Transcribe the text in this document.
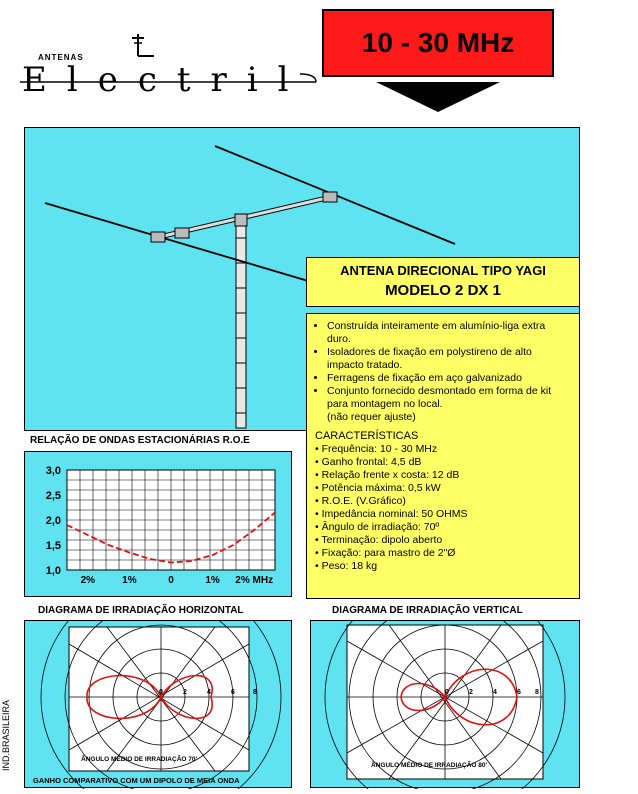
ANTENAS
Electril
10 - 30 MHz
ANTENA DIRECIONAL TIPO YAGI
MODELO 2 DX 1
• Construída inteiramente em alumínio-liga extra duro.
• Isoladores de fixação em polystireno de alto impacto tratado.
• Ferragens de fixação em aço galvanizado
• Conjunto fornecido desmontado em forma de kit para montagem no local.
(não requer ajuste)
CARACTERÍSTICAS
• Frequência: 10 - 30 MHz
• Ganho frontal: 4,5 dB
• Relação frente x costa: 12 dB
• Potência máxima: 0,5 kW
• R.O.E. (V.Gráfico)
• Impedância nominal: 50 OHMS
• Ângulo de irradiação: 70º
• Terminação: dipolo aberto
• Fixação: para mastro de 2"Ø
• Peso: 18 kg
RELAÇÃO DE ONDAS ESTACIONÁRIAS R.O.E
3,0
2,5
2,0
1,5
1,0
2%	1%	0	1% 2% MHz
DIAGRAMA DE IRRADIAÇÃO HORIZONTAL	DIAGRAMA DE IRRADIAÇÃO VERTICAL
0	2	4	6	8
ÂNGULO MÉDIO DE IRRADIAÇÃO 70'
GANHO COMPARATIVO COM UM DIPOLO DE MEIA ONDA
0	2	4	6 8
ÂNGULO MÉDIO DE IRRADIAÇÃO 80'
IND.BRASILEIRA
